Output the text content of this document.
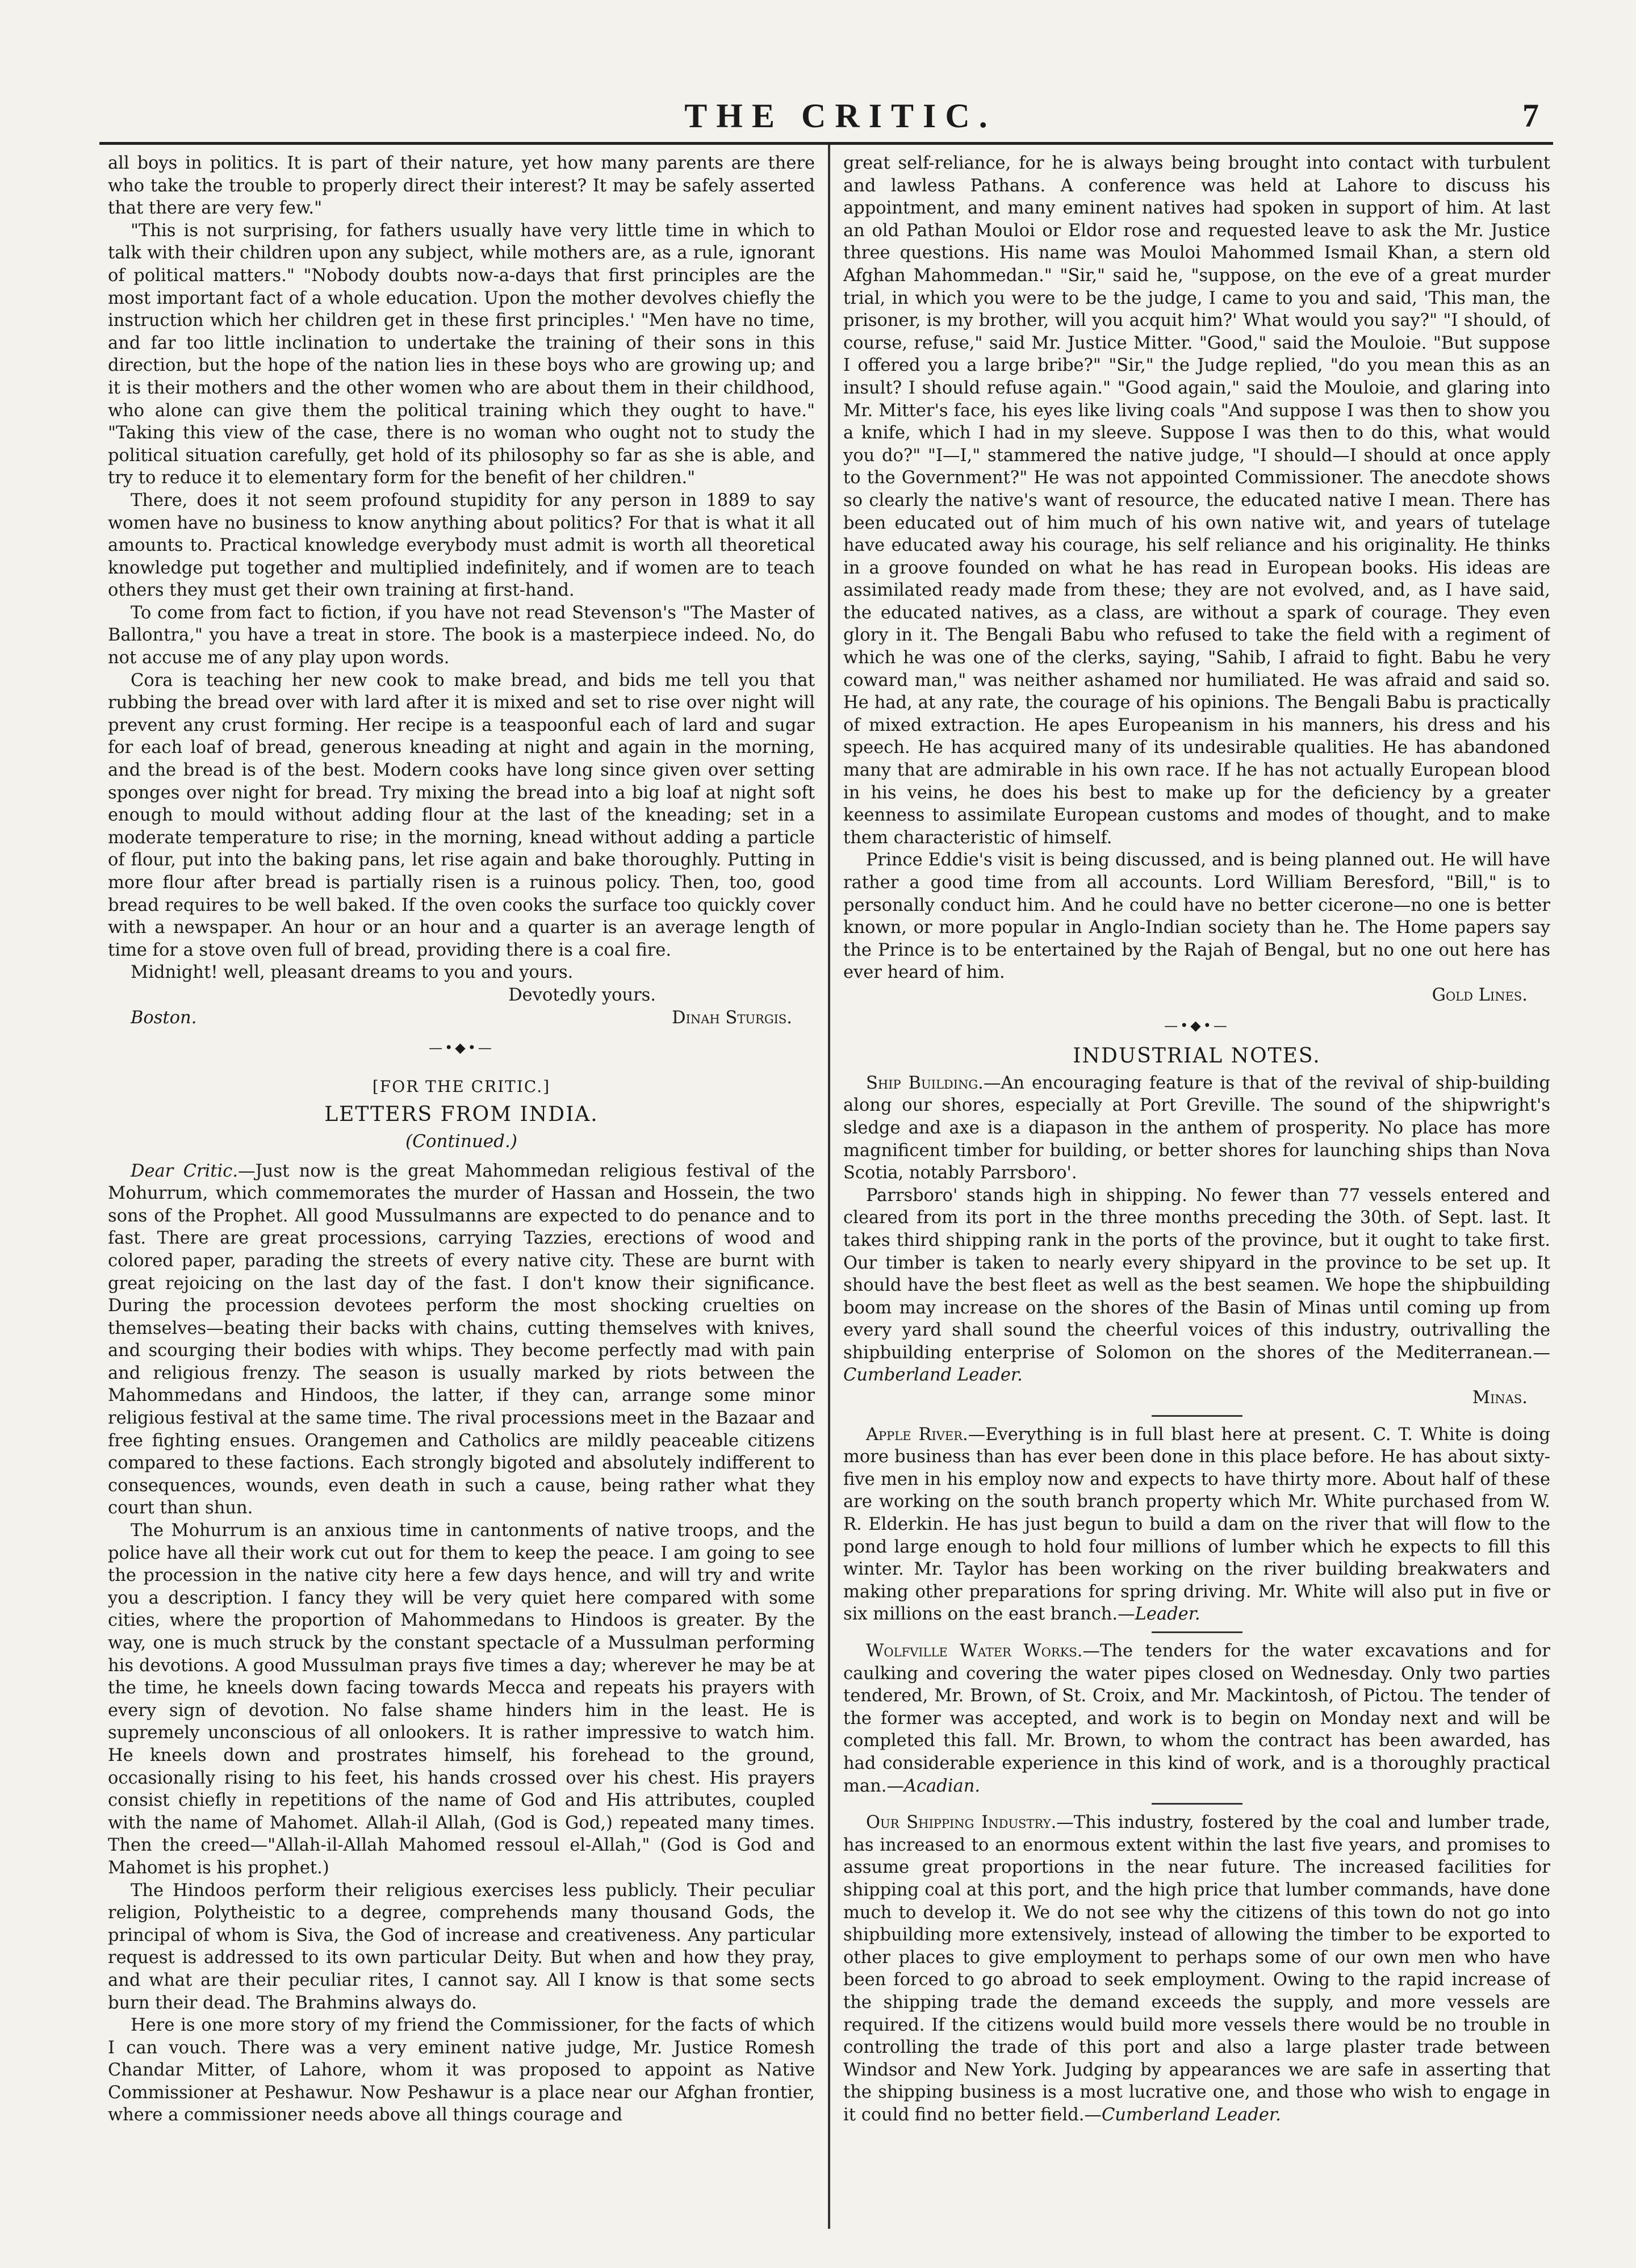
THE CRITIC.	7

all boys in politics. It is part of their nature, yet how many parents are there who take the trouble to properly direct their interest? It may be safely asserted that there are very few."

"This is not surprising, for fathers usually have very little time in which to talk with their children upon any subject, while mothers are, as a rule, ignorant of political matters." "Nobody doubts now-a-days that first principles are the most important fact of a whole education. Upon the mother devolves chiefly the instruction which her children get in these first principles.' "Men have no time, and far too little inclination to undertake the training of their sons in this direction, but the hope of the nation lies in these boys who are growing up; and it is their mothers and the other women who are about them in their childhood, who alone can give them the political training which they ought to have." "Taking this view of the case, there is no woman who ought not to study the political situation carefully, get hold of its philosophy so far as she is able, and try to reduce it to elementary form for the benefit of her children."

There, does it not seem profound stupidity for any person in 1889 to say women have no business to know anything about politics? For that is what it all amounts to. Practical knowledge everybody must admit is worth all theoretical knowledge put together and multiplied indefinitely, and if women are to teach others they must get their own training at first-hand.

To come from fact to fiction, if you have not read Stevenson's "The Master of Ballontra," you have a treat in store. The book is a masterpiece indeed. No, do not accuse me of any play upon words.

Cora is teaching her new cook to make bread, and bids me tell you that rubbing the bread over with lard after it is mixed and set to rise over night will prevent any crust forming. Her recipe is a teaspoonful each of lard and sugar for each loaf of bread, generous kneading at night and again in the morning, and the bread is of the best. Modern cooks have long since given over setting sponges over night for bread. Try mixing the bread into a big loaf at night soft enough to mould without adding flour at the last of the kneading; set in a moderate temperature to rise; in the morning, knead without adding a particle of flour, put into the baking pans, let rise again and bake thoroughly. Putting in more flour after bread is partially risen is a ruinous policy. Then, too, good bread requires to be well baked. If the oven cooks the surface too quickly cover with a newspaper. An hour or an hour and a quarter is an average length of time for a stove oven full of bread, providing there is a coal fire.

Midnight! well, pleasant dreams to you and yours.

Devotedly yours.

Boston.	Dinah Sturgis.
—•◆•—
[FOR THE CRITIC.]
LETTERS FROM INDIA.
(Continued.)

Dear Critic.—Just now is the great Mahommedan religious festival of the Mohurrum, which commemorates the murder of Hassan and Hossein, the two sons of the Prophet. All good Mussulmanns are expected to do penance and to fast. There are great processions, carrying Tazzies, erections of wood and colored paper, parading the streets of every native city. These are burnt with great rejoicing on the last day of the fast. I don't know their significance. During the procession devotees perform the most shocking cruelties on themselves—beating their backs with chains, cutting themselves with knives, and scourging their bodies with whips. They become perfectly mad with pain and religious frenzy. The season is usually marked by riots between the Mahommedans and Hindoos, the latter, if they can, arrange some minor religious festival at the same time. The rival processions meet in the Bazaar and free fighting ensues. Orangemen and Catholics are mildly peaceable citizens compared to these factions. Each strongly bigoted and absolutely indifferent to consequences, wounds, even death in such a cause, being rather what they court than shun.

The Mohurrum is an anxious time in cantonments of native troops, and the police have all their work cut out for them to keep the peace. I am going to see the procession in the native city here a few days hence, and will try and write you a description. I fancy they will be very quiet here compared with some cities, where the proportion of Mahommedans to Hindoos is greater. By the way, one is much struck by the constant spectacle of a Mussulman performing his devotions. A good Mussulman prays five times a day; wherever he may be at the time, he kneels down facing towards Mecca and repeats his prayers with every sign of devotion. No false shame hinders him in the least. He is supremely unconscious of all onlookers. It is rather impressive to watch him. He kneels down and prostrates himself, his forehead to the ground, occasionally rising to his feet, his hands crossed over his chest. His prayers consist chiefly in repetitions of the name of God and His attributes, coupled with the name of Mahomet. Allah-il Allah, (God is God,) repeated many times. Then the creed—"Allah-il-Allah Mahomed ressoul el-Allah," (God is God and Mahomet is his prophet.)

The Hindoos perform their religious exercises less publicly. Their peculiar religion, Polytheistic to a degree, comprehends many thousand Gods, the principal of whom is Siva, the God of increase and creativeness. Any particular request is addressed to its own particular Deity. But when and how they pray, and what are their peculiar rites, I cannot say. All I know is that some sects burn their dead. The Brahmins always do.

Here is one more story of my friend the Commissioner, for the facts of which I can vouch. There was a very eminent native judge, Mr. Justice Romesh Chandar Mitter, of Lahore, whom it was proposed to appoint as Native Commissioner at Peshawur. Now Peshawur is a place near our Afghan frontier, where a commissioner needs above all things courage and

great self-reliance, for he is always being brought into contact with turbulent and lawless Pathans. A conference was held at Lahore to discuss his appointment, and many eminent natives had spoken in support of him. At last an old Pathan Mouloi or Eldor rose and requested leave to ask the Mr. Justice three questions. His name was Mouloi Mahommed Ismail Khan, a stern old Afghan Mahommedan." "Sir," said he, "suppose, on the eve of a great murder trial, in which you were to be the judge, I came to you and said, 'This man, the prisoner, is my brother, will you acquit him?' What would you say?" "I should, of course, refuse," said Mr. Justice Mitter. "Good," said the Mouloie. "But suppose I offered you a large bribe?" "Sir," the Judge replied, "do you mean this as an insult? I should refuse again." "Good again," said the Mouloie, and glaring into Mr. Mitter's face, his eyes like living coals "And suppose I was then to show you a knife, which I had in my sleeve. Suppose I was then to do this, what would you do?" "I—I," stammered the native judge, "I should—I should at once apply to the Government?" He was not appointed Commissioner. The anecdote shows so clearly the native's want of resource, the educated native I mean. There has been educated out of him much of his own native wit, and years of tutelage have educated away his courage, his self reliance and his originality. He thinks in a groove founded on what he has read in European books. His ideas are assimilated ready made from these; they are not evolved, and, as I have said, the educated natives, as a class, are without a spark of courage. They even glory in it. The Bengali Babu who refused to take the field with a regiment of which he was one of the clerks, saying, "Sahib, I afraid to fight. Babu he very coward man," was neither ashamed nor humiliated. He was afraid and said so. He had, at any rate, the courage of his opinions. The Bengali Babu is practically of mixed extraction. He apes Europeanism in his manners, his dress and his speech. He has acquired many of its undesirable qualities. He has abandoned many that are admirable in his own race. If he has not actually European blood in his veins, he does his best to make up for the deficiency by a greater keenness to assimilate European customs and modes of thought, and to make them characteristic of himself.

Prince Eddie's visit is being discussed, and is being planned out. He will have rather a good time from all accounts. Lord William Beresford, "Bill," is to personally conduct him. And he could have no better cicerone—no one is better known, or more popular in Anglo-Indian society than he. The Home papers say the Prince is to be entertained by the Rajah of Bengal, but no one out here has ever heard of him.

Gold Lines.

—•◆•—
INDUSTRIAL NOTES.

Ship Building.—An encouraging feature is that of the revival of ship-building along our shores, especially at Port Greville. The sound of the shipwright's sledge and axe is a diapason in the anthem of prosperity. No place has more magnificent timber for building, or better shores for launching ships than Nova Scotia, notably Parrsboro'.

Parrsboro' stands high in shipping. No fewer than 77 vessels entered and cleared from its port in the three months preceding the 30th. of Sept. last. It takes third shipping rank in the ports of the province, but it ought to take first. Our timber is taken to nearly every shipyard in the province to be set up. It should have the best fleet as well as the best seamen. We hope the shipbuilding boom may increase on the shores of the Basin of Minas until coming up from every yard shall sound the cheerful voices of this industry, outrivalling the shipbuilding enterprise of Solomon on the shores of the Mediterranean.—Cumberland Leader.

Minas.

Apple River.—Everything is in full blast here at present. C. T. White is doing more business than has ever been done in this place before. He has about sixty-five men in his employ now and expects to have thirty more. About half of these are working on the south branch property which Mr. White purchased from W. R. Elderkin. He has just begun to build a dam on the river that will flow to the pond large enough to hold four millions of lumber which he expects to fill this winter. Mr. Taylor has been working on the river building breakwaters and making other preparations for spring driving. Mr. White will also put in five or six millions on the east branch.—Leader.

Wolfville Water Works.—The tenders for the water excavations and for caulking and covering the water pipes closed on Wednesday. Only two parties tendered, Mr. Brown, of St. Croix, and Mr. Mackintosh, of Pictou. The tender of the former was accepted, and work is to begin on Monday next and will be completed this fall. Mr. Brown, to whom the contract has been awarded, has had considerable experience in this kind of work, and is a thoroughly practical man.—Acadian.

Our Shipping Industry.—This industry, fostered by the coal and lumber trade, has increased to an enormous extent within the last five years, and promises to assume great proportions in the near future. The increased facilities for shipping coal at this port, and the high price that lumber commands, have done much to develop it. We do not see why the citizens of this town do not go into shipbuilding more extensively, instead of allowing the timber to be exported to other places to give employment to perhaps some of our own men who have been forced to go abroad to seek employment. Owing to the rapid increase of the shipping trade the demand exceeds the supply, and more vessels are required. If the citizens would build more vessels there would be no trouble in controlling the trade of this port and also a large plaster trade between Windsor and New York. Judging by appearances we are safe in asserting that the shipping business is a most lucrative one, and those who wish to engage in it could find no better field.—Cumberland Leader.
